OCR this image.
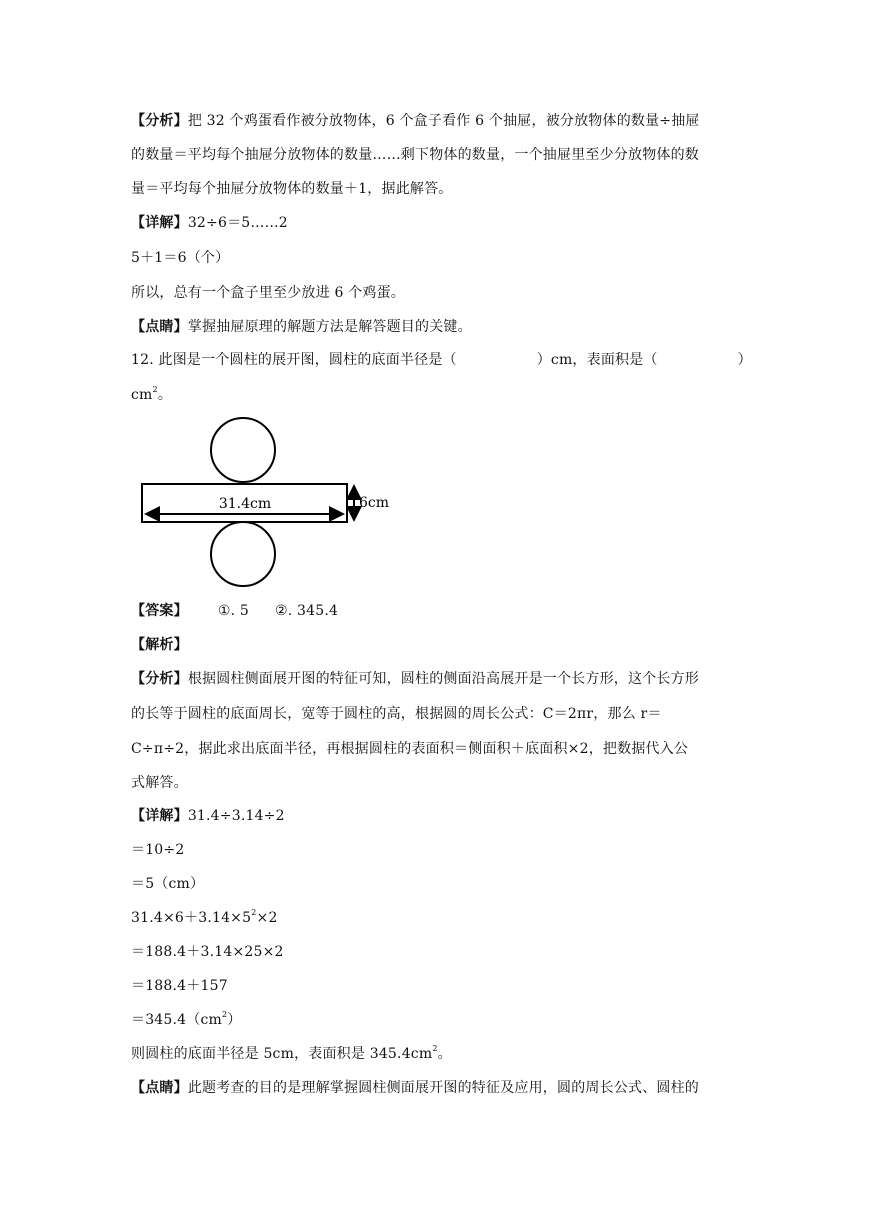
【分析】把 32 个鸡蛋看作被分放物体，6 个盒子看作 6 个抽屉，被分放物体的数量÷抽屉
的数量＝平均每个抽屉分放物体的数量……剩下物体的数量，一个抽屉里至少分放物体的数
量＝平均每个抽屉分放物体的数量＋1，据此解答。
【详解】32÷6＝5……2
5＋1＝6（个）
所以，总有一个盒子里至少放进 6 个鸡蛋。
【点睛】掌握抽屉原理的解题方法是解答题目的关键。
12. 此图是一个圆柱的展开图，圆柱的底面半径是（	）cm，表面积是（	）
$cm^2$。
31.4cm	6cm
【答案】 ①. 5 ②. 345.4
【解析】
【分析】根据圆柱侧面展开图的特征可知，圆柱的侧面沿高展开是一个长方形，这个长方形
的长等于圆柱的底面周长，宽等于圆柱的高，根据圆的周长公式：C＝2πr，那么 r＝
C÷π÷2，据此求出底面半径，再根据圆柱的表面积＝侧面积＋底面积×2，把数据代入公
式解答。
【详解】31.4÷3.14÷2
＝10÷2
＝5（cm）
$31.4\times 6+3.14\times 5^2\times 2$
＝188.4＋3.14×25×2
＝188.4＋157
$=345.4(cm^2)$
则圆柱的底面半径是 5cm，表面积是 $345.4cm^2$。
【点睛】此题考查的目的是理解掌握圆柱侧面展开图的特征及应用，圆的周长公式、圆柱的
